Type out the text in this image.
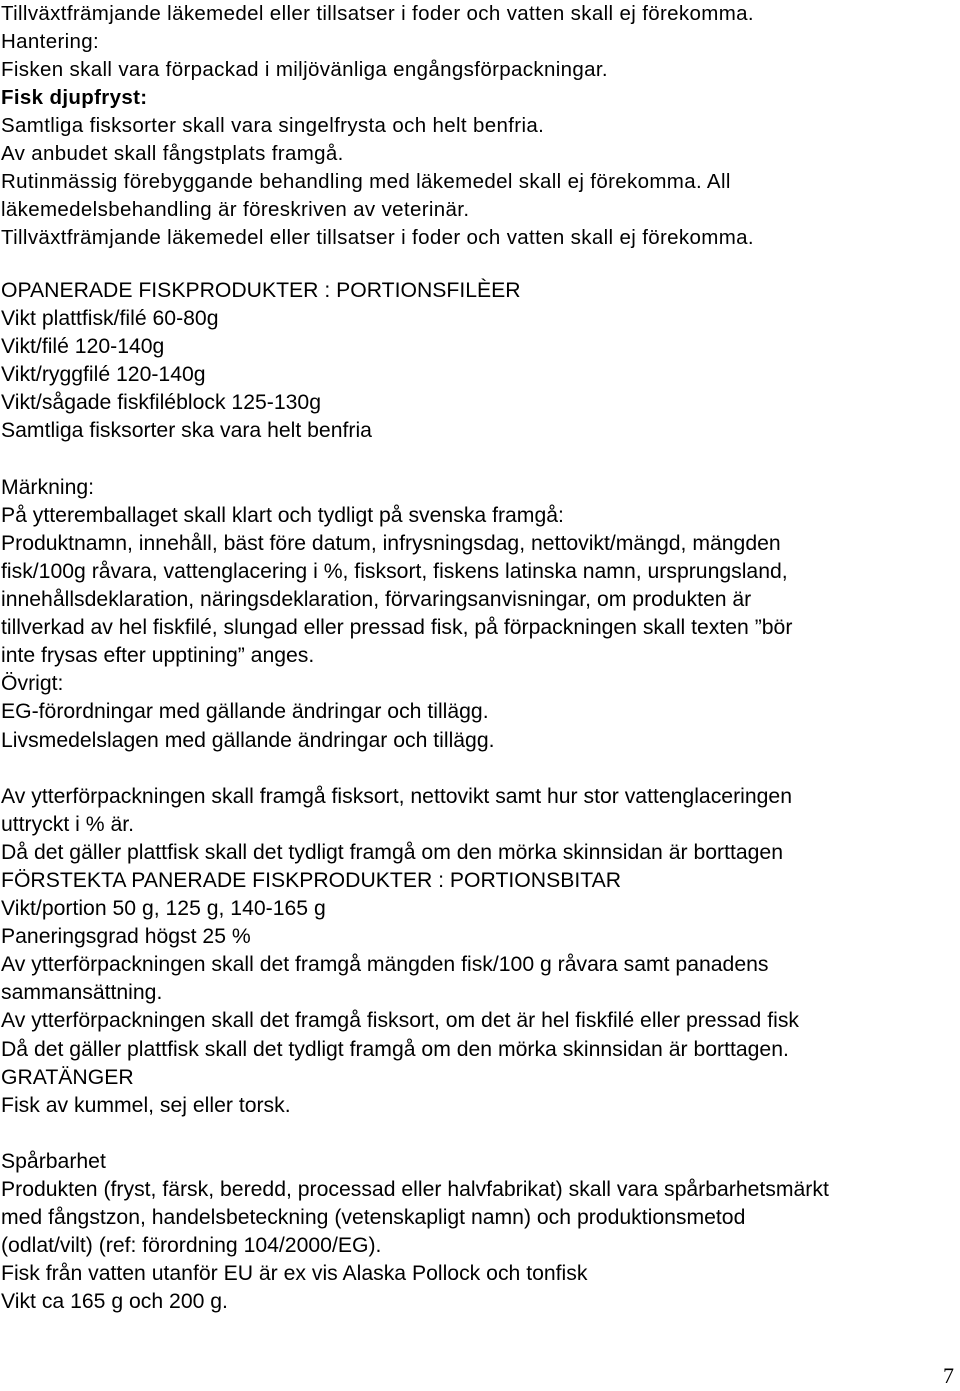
Tillväxtfrämjande läkemedel eller tillsatser i foder och vatten skall ej förekomma.
Hantering:
Fisken skall vara förpackad i miljövänliga engångsförpackningar.
Fisk djupfryst:
Samtliga fisksorter skall vara singelfrysta och helt benfria.
Av anbudet skall fångstplats framgå.
Rutinmässig förebyggande behandling med läkemedel skall ej förekomma. All
läkemedelsbehandling är föreskriven av veterinär.
Tillväxtfrämjande läkemedel eller tillsatser i foder och vatten skall ej förekomma.
OPANERADE FISKPRODUKTER : PORTIONSFILÈER
Vikt plattfisk/filé 60-80g
Vikt/filé 120-140g
Vikt/ryggfilé 120-140g
Vikt/sågade fiskfiléblock 125-130g
Samtliga fisksorter ska vara helt benfria
Märkning:
På ytteremballaget skall klart och tydligt på svenska framgå:
Produktnamn, innehåll, bäst före datum, infrysningsdag, nettovikt/mängd, mängden
fisk/100g råvara, vattenglacering i %, fisksort, fiskens latinska namn, ursprungsland,
innehållsdeklaration, näringsdeklaration, förvaringsanvisningar, om produkten är
tillverkad av hel fiskfilé, slungad eller pressad fisk, på förpackningen skall texten ”bör
inte frysas efter upptining” anges.
Övrigt:
EG-förordningar med gällande ändringar och tillägg.
Livsmedelslagen med gällande ändringar och tillägg.
Av ytterförpackningen skall framgå fisksort, nettovikt samt hur stor vattenglaceringen
uttryckt i % är.
Då det gäller plattfisk skall det tydligt framgå om den mörka skinnsidan är borttagen
FÖRSTEKTA PANERADE FISKPRODUKTER : PORTIONSBITAR
Vikt/portion 50 g, 125 g, 140-165 g
Paneringsgrad högst 25 %
Av ytterförpackningen skall det framgå mängden fisk/100 g råvara samt panadens
sammansättning.
Av ytterförpackningen skall det framgå fisksort, om det är hel fiskfilé eller pressad fisk
Då det gäller plattfisk skall det tydligt framgå om den mörka skinnsidan är borttagen.
GRATÄNGER
Fisk av kummel, sej eller torsk.
Spårbarhet
Produkten (fryst, färsk, beredd, processad eller halvfabrikat) skall vara spårbarhetsmärkt
med fångstzon, handelsbeteckning (vetenskapligt namn) och produktionsmetod
(odlat/vilt) (ref: förordning 104/2000/EG).
Fisk från vatten utanför EU är ex vis Alaska Pollock och tonfisk
Vikt ca 165 g och 200 g.
7
